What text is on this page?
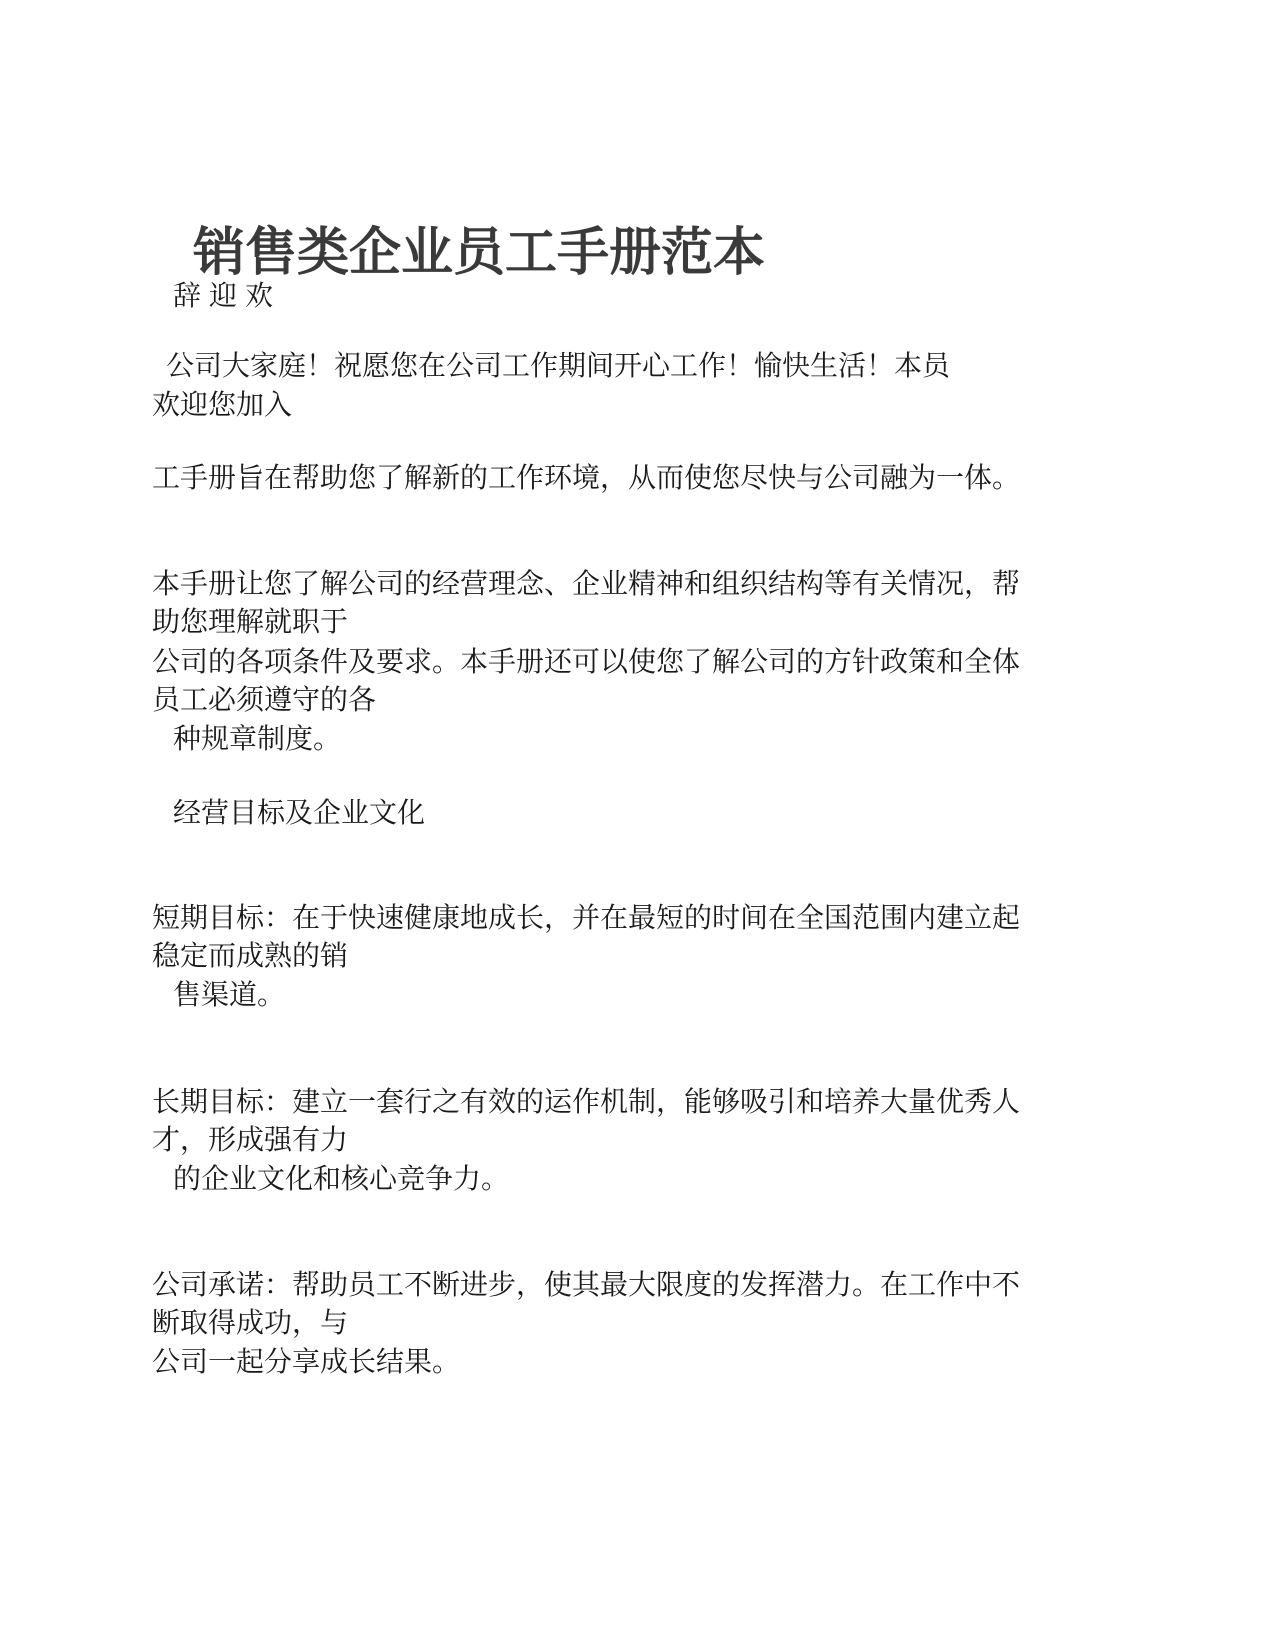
销售类企业员工手册范本

辞迎欢

公司大家庭！祝愿您在公司工作期间开心工作！愉快生活！本员

欢迎您加入

工手册旨在帮助您了解新的工作环境，从而使您尽快与公司融为一体。

本手册让您了解公司的经营理念、企业精神和组织结构等有关情况，帮

助您理解就职于

公司的各项条件及要求。本手册还可以使您了解公司的方针政策和全体

员工必须遵守的各

种规章制度。

经营目标及企业文化

短期目标：在于快速健康地成长，并在最短的时间在全国范围内建立起

稳定而成熟的销

售渠道。

长期目标：建立一套行之有效的运作机制，能够吸引和培养大量优秀人

才，形成强有力

的企业文化和核心竞争力。

公司承诺：帮助员工不断进步，使其最大限度的发挥潜力。在工作中不

断取得成功，与

公司一起分享成长结果。
